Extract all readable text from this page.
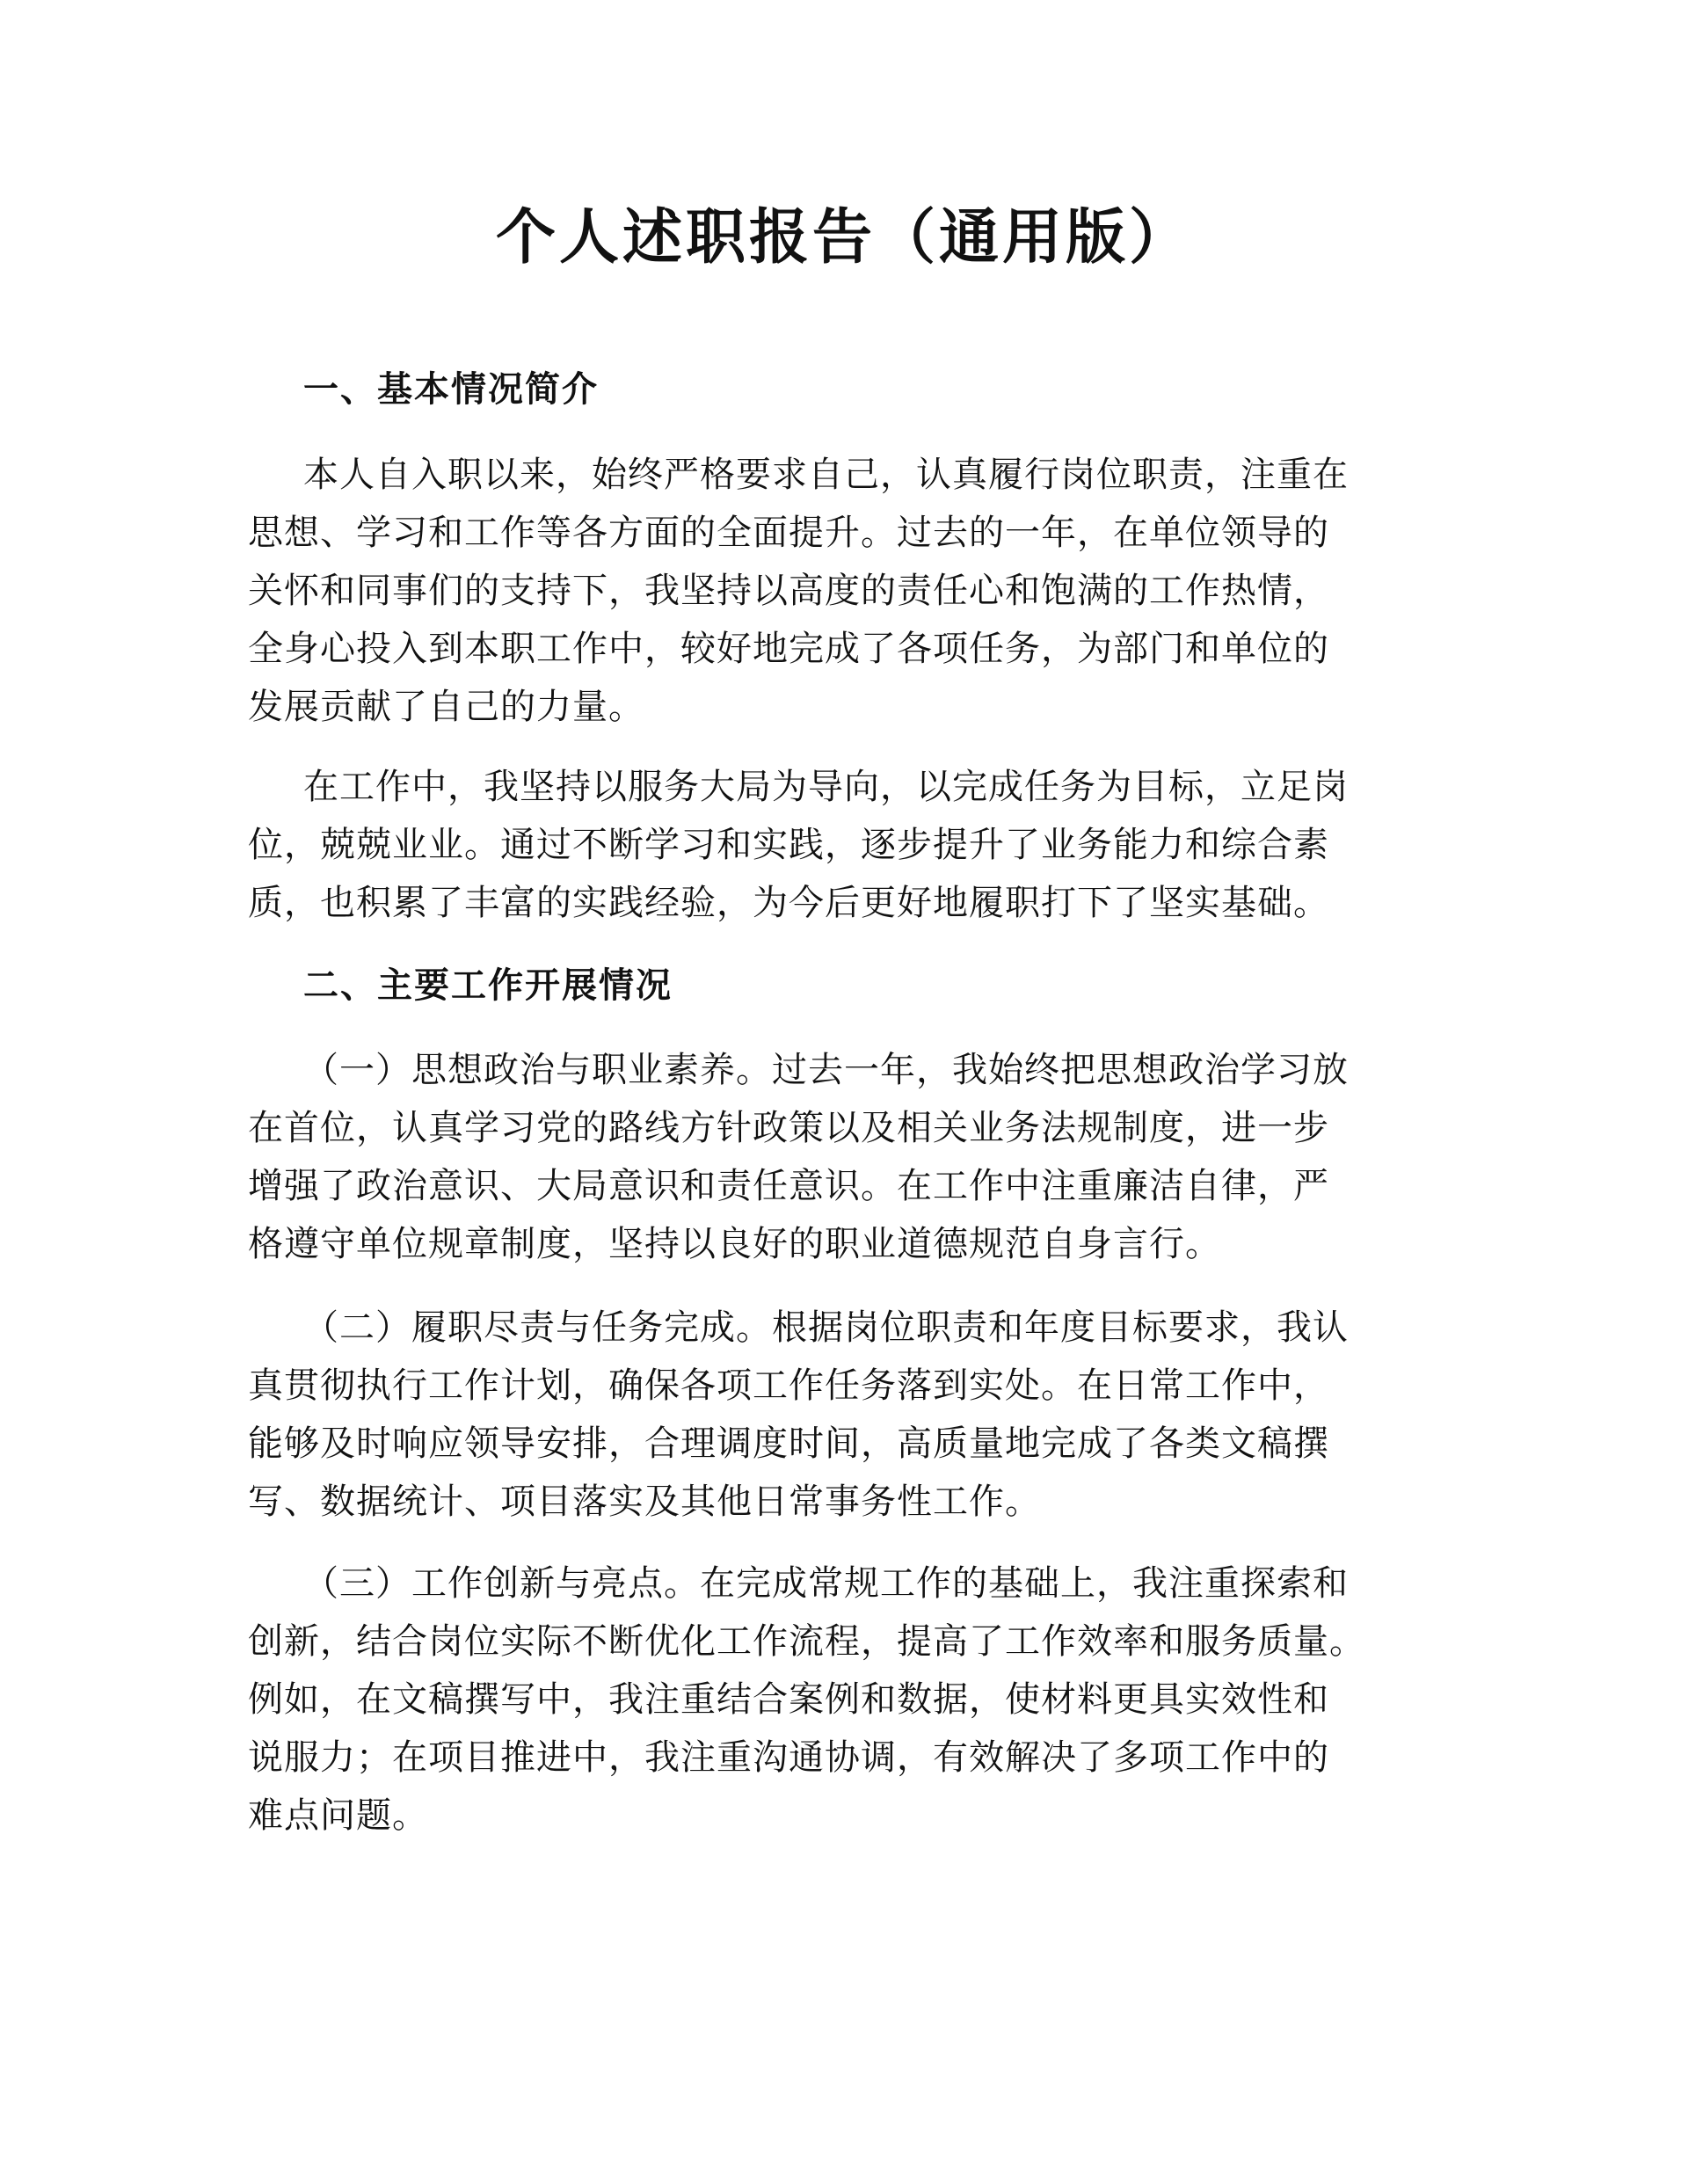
个人述职报告（通用版）
一、基本情况简介

本人自入职以来，始终严格要求自己，认真履行岗位职责，注重在
思想、学习和工作等各方面的全面提升。过去的一年，在单位领导的
关怀和同事们的支持下，我坚持以高度的责任心和饱满的工作热情，
全身心投入到本职工作中，较好地完成了各项任务，为部门和单位的
发展贡献了自己的力量。

在工作中，我坚持以服务大局为导向，以完成任务为目标，立足岗
位，兢兢业业。通过不断学习和实践，逐步提升了业务能力和综合素
质，也积累了丰富的实践经验，为今后更好地履职打下了坚实基础。

二、主要工作开展情况

（一）思想政治与职业素养。过去一年，我始终把思想政治学习放
在首位，认真学习党的路线方针政策以及相关业务法规制度，进一步
增强了政治意识、大局意识和责任意识。在工作中注重廉洁自律，严
格遵守单位规章制度，坚持以良好的职业道德规范自身言行。

（二）履职尽责与任务完成。根据岗位职责和年度目标要求，我认
真贯彻执行工作计划，确保各项工作任务落到实处。在日常工作中，
能够及时响应领导安排，合理调度时间，高质量地完成了各类文稿撰
写、数据统计、项目落实及其他日常事务性工作。

（三）工作创新与亮点。在完成常规工作的基础上，我注重探索和
创新，结合岗位实际不断优化工作流程，提高了工作效率和服务质量。
例如，在文稿撰写中，我注重结合案例和数据，使材料更具实效性和
说服力；在项目推进中，我注重沟通协调，有效解决了多项工作中的
难点问题。
